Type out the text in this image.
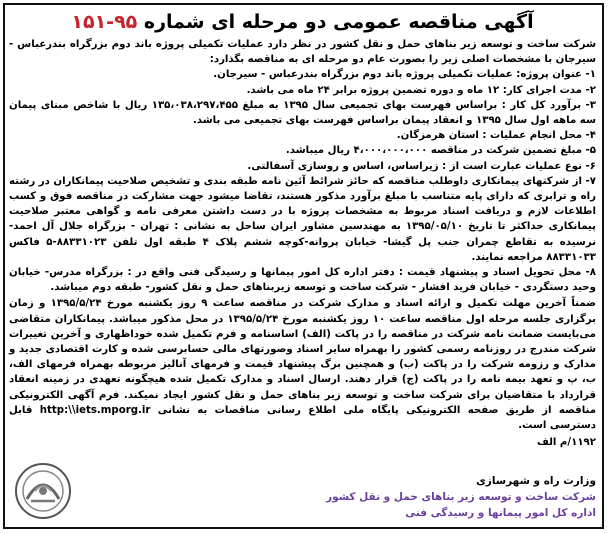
آگهی مناقصه عمومی دو مرحله ای شماره ۹۵-۱۵۱

شرکت ساخت و توسعه زیر بناهای حمل و نقل کشور در نظر دارد عملیات تکمیلی پروژه باند دوم بزرگراه بندرعباس - سیرجان با مشخصات اصلی زیر را بصورت عام دو مرحله ای به مناقصه بگذارد:

۱- عنوان پروژه: عملیات تکمیلی پروژه باند دوم بزرگراه بندرعباس - سیرجان.

۲- مدت اجرای کار: ۱۲ ماه و دوره تضمین پروژه برابر ۲۴ ماه می باشد.

۳- برآورد کل کار : براساس فهرست بهای تجمیعی سال ۱۳۹۵ به مبلغ ۱۳۵،۰۳۸،۲۹۷،۴۵۵ ریال با شاخص مبنای پیمان سه ماهه اول سال ۱۳۹۵ و انعقاد پیمان براساس فهرست بهای تجمیعی می باشد.

۴- محل انجام عملیات : استان هرمزگان.

۵- مبلغ تضمین شرکت در مناقصه ۴،۰۰۰،۰۰۰،۰۰۰ ریال میباشد.

۶- نوع عملیات عبارت است از : زیراساس، اساس و روسازی آسفالتی.

۷- از شرکتهای پیمانکاری داوطلب مناقصه که حائز شرائط آئین نامه طبقه بندی و تشخیص صلاحیت پیمانکاران در رشته راه و ترابری که دارای پایه متناسب با مبلغ برآورد مذکور هستند، تقاضا میشود جهت مشارکت در مناقصه فوق و کسب اطلاعات لازم و دریافت اسناد مربوط به مشخصات پروژه با در دست داشتن معرفی نامه و گواهی معتبر صلاحیت پیمانکاری حداکثر تا تاریخ ۱۳۹۵/۰۵/۱۰ به مهندسین مشاور ایران ساحل به نشانی : تهران - بزرگراه جلال آل احمد-نرسیده به تقاطع چمران جنب پل گیشا- خیابان پروانه-کوچه ششم پلاک ۴ طبقه اول تلفن ۸۸۳۳۱۰۲۳-۵ فاکس ۸۸۳۳۱۰۳۳ مراجعه نمایند.

۸- محل تحویل اسناد و پیشنهاد قیمت : دفتر اداره کل امور پیمانها و رسیدگی فنی واقع در : بزرگراه مدرس- خیابان وحید دستگردی - خیابان فرید افشار - شرکت ساخت و توسعه زیربناهای حمل و نقل کشور- طبقه دوم میباشد.

ضمناً آخرین مهلت تکمیل و ارائه اسناد و مدارک شرکت در مناقصه ساعت ۹ روز یکشنبه مورخ ۱۳۹۵/۵/۲۴ و زمان برگزاری جلسه مرحله اول مناقصه ساعت ۱۰ روز یکشنبه مورخ ۱۳۹۵/۵/۲۴ در محل مذکور میباشد. پیمانکاران متقاضی می‌بایست ضمانت نامه شرکت در مناقصه را در پاکت (الف) اساسنامه و فرم تکمیل شده خوداظهاری و آخرین تغییرات شرکت مندرج در روزنامه رسمی کشور را بهمراه سایر اسناد وصورتهای مالی حسابرسی شده و کارت اقتصادی جدید و مدارک و رزومه شرکت را در پاکت (ب) و همچنین برگ پیشنهاد قیمت و فرمهای آنالیز مربوطه بهمراه فرمهای الف، ب، پ و تعهد بیمه نامه را در پاکت (ج) قرار دهند. ارسال اسناد و مدارک تکمیل شده هیچگونه تعهدی در زمینه انعقاد قرارداد با متقاضیان برای شرکت ساخت و توسعه زیر بناهای حمل و نقل کشور ایجاد نمیکند. فرم آگهی الکترونیکی مناقصه از طریق صفحه الکترونیکی پایگاه ملی اطلاع رسانی مناقصات به نشانی http:\\iets.mporg.ir قابل دسترسی است.

۱۱۹۲/م الف

وزارت راه و شهرسازی
شرکت ساخت و توسعه زیر بناهای حمل و نقل کشور
اداره کل امور پیمانها و رسیدگی فنی
